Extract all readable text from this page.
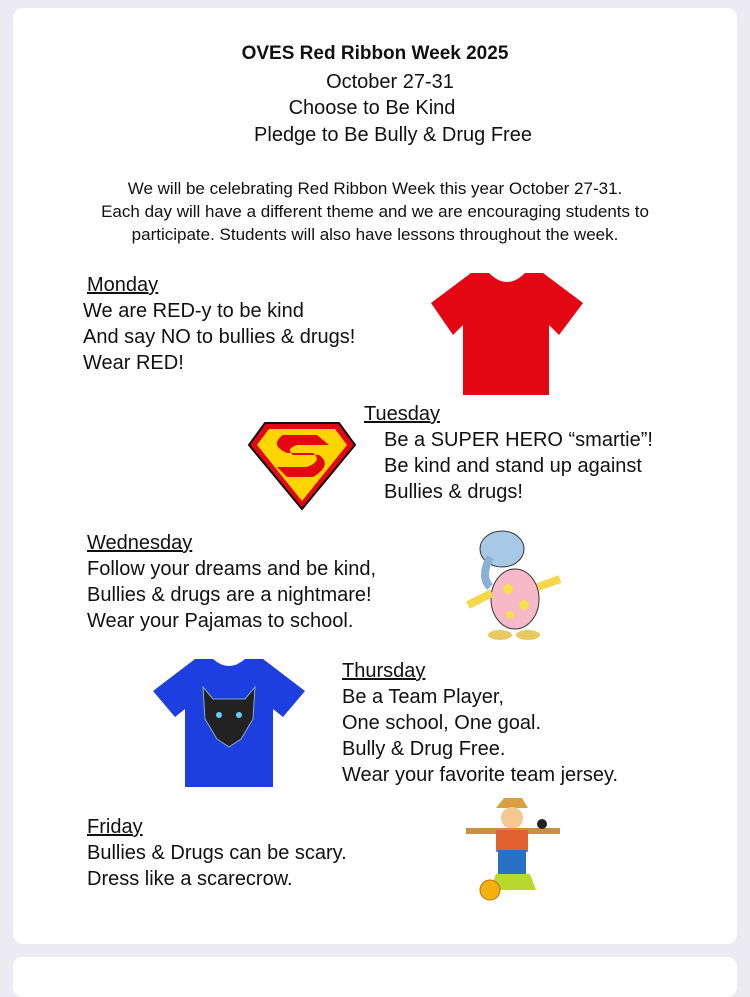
OVES Red Ribbon Week 2025
October 27-31
Choose to Be Kind
Pledge to Be Bully & Drug Free
We will be celebrating Red Ribbon Week this year October 27-31.
Each day will have a different theme and we are encouraging students to
participate. Students will also have lessons throughout the week.
Monday
We are RED-y to be kind
And say NO to bullies & drugs!
Wear RED!
Tuesday
Be a SUPER HERO “smartie”!
Be kind and stand up against
Bullies & drugs!
Wednesday
Follow your dreams and be kind,
Bullies & drugs are a nightmare!
Wear your Pajamas to school.
Thursday
Be a Team Player,
One school, One goal.
Bully & Drug Free.
Wear your favorite team jersey.
Friday
Bullies & Drugs can be scary.
Dress like a scarecrow.
